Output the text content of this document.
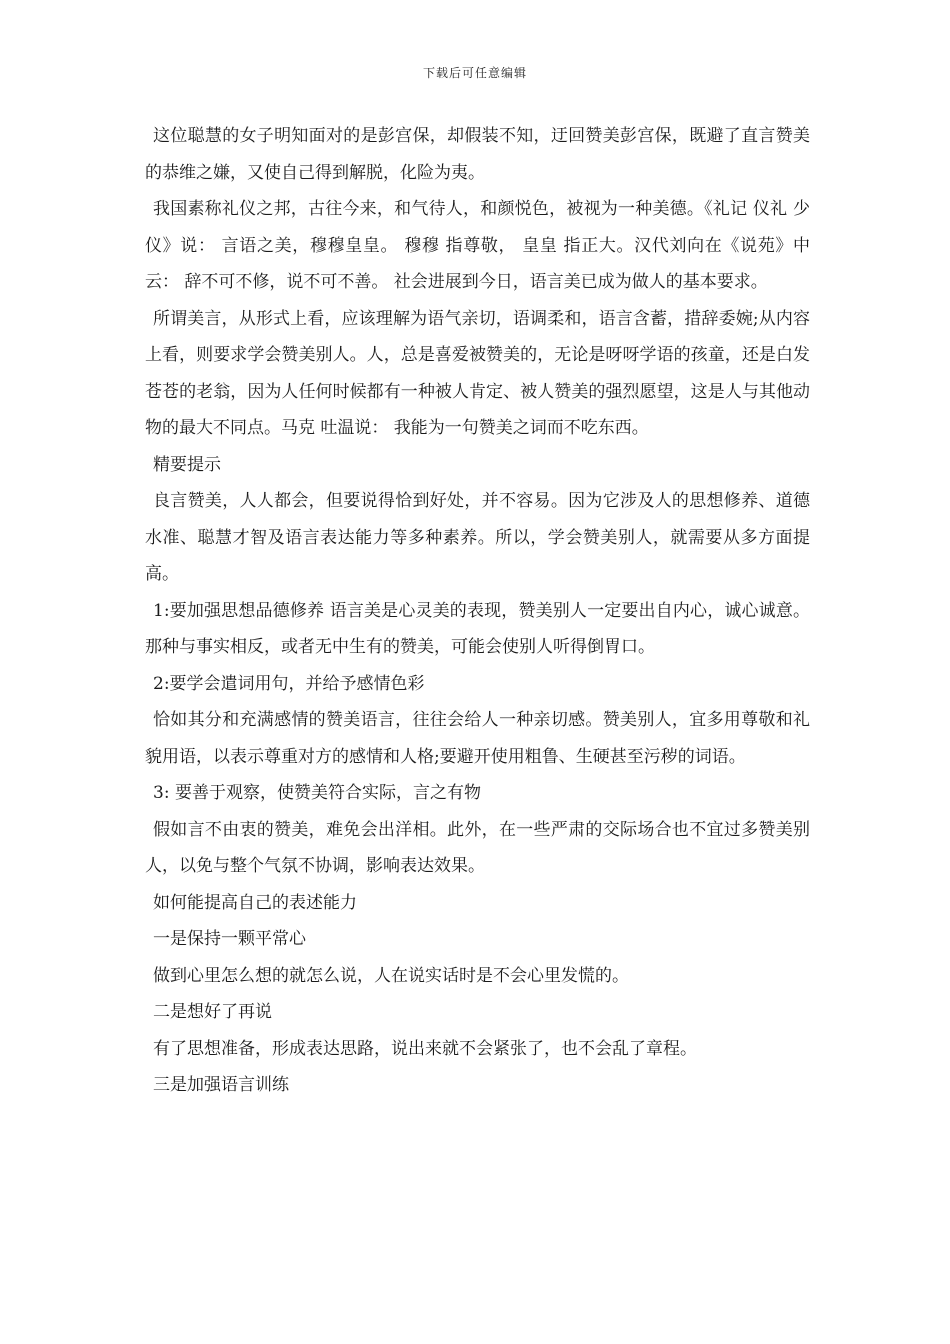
下载后可任意编辑

这位聪慧的女子明知面对的是彭宫保，却假装不知，迂回赞美彭宫保，既避了直言赞美的恭维之嫌，又使自己得到解脱，化险为夷。

我国素称礼仪之邦，古往今来，和气待人，和颜悦色，被视为一种美德。《礼记 仪礼 少仪》说： 言语之美，穆穆皇皇。 穆穆 指尊敬， 皇皇 指正大。汉代刘向在《说苑》中云： 辞不可不修，说不可不善。 社会进展到今日，语言美已成为做人的基本要求。

所谓美言，从形式上看，应该理解为语气亲切，语调柔和，语言含蓄，措辞委婉;从内容上看，则要求学会赞美别人。人，总是喜爱被赞美的，无论是呀呀学语的孩童，还是白发苍苍的老翁，因为人任何时候都有一种被人肯定、被人赞美的强烈愿望，这是人与其他动物的最大不同点。马克 吐温说： 我能为一句赞美之词而不吃东西。

精要提示

良言赞美，人人都会，但要说得恰到好处，并不容易。因为它涉及人的思想修养、道德水准、聪慧才智及语言表达能力等多种素养。所以，学会赞美别人，就需要从多方面提高。

1:要加强思想品德修养 语言美是心灵美的表现，赞美别人一定要出自内心，诚心诚意。那种与事实相反，或者无中生有的赞美，可能会使别人听得倒胃口。

2:要学会遣词用句，并给予感情色彩

恰如其分和充满感情的赞美语言，往往会给人一种亲切感。赞美别人，宜多用尊敬和礼貌用语，以表示尊重对方的感情和人格;要避开使用粗鲁、生硬甚至污秽的词语。

3: 要善于观察，使赞美符合实际，言之有物

假如言不由衷的赞美，难免会出洋相。此外，在一些严肃的交际场合也不宜过多赞美别人，以免与整个气氛不协调，影响表达效果。

如何能提高自己的表述能力

一是保持一颗平常心

做到心里怎么想的就怎么说，人在说实话时是不会心里发慌的。

二是想好了再说

有了思想准备，形成表达思路，说出来就不会紧张了，也不会乱了章程。

三是加强语言训练
